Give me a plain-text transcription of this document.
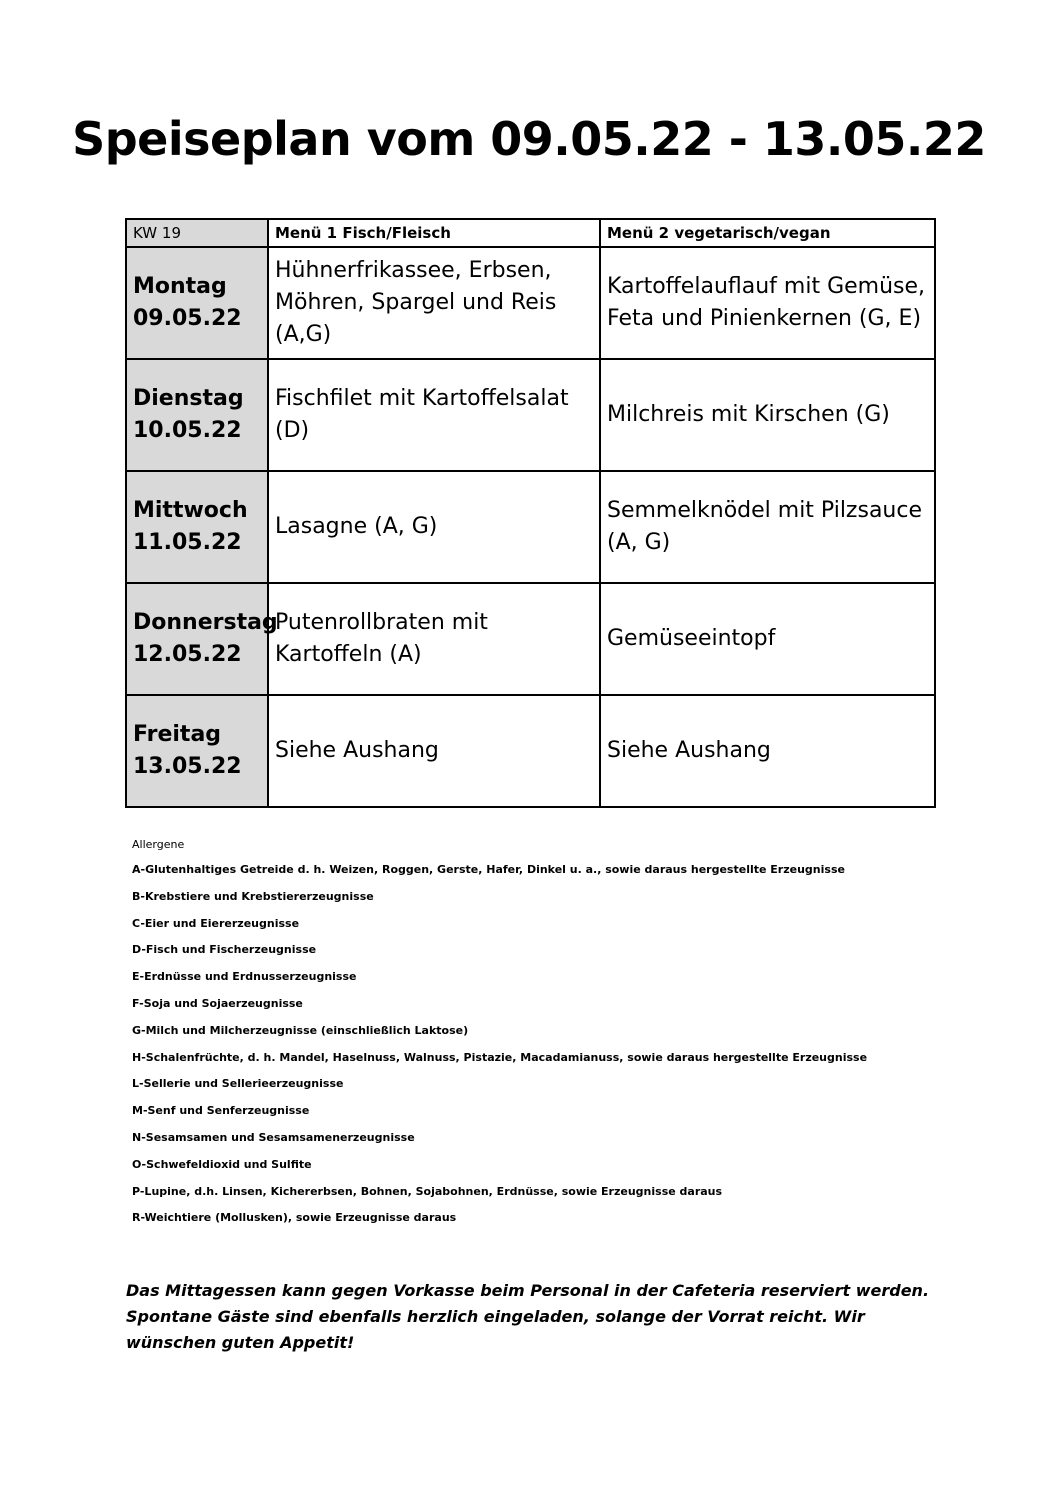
Speiseplan vom 09.05.22 - 13.05.22
KW 19	Menü 1 Fisch/Fleisch	Menü 2 vegetarisch/vegan
Montag
09.05.22	Hühnerfrikassee, Erbsen, Möhren, Spargel und Reis (A,G)	Kartoffelauflauf mit Gemüse, Feta und Pinienkernen (G, E)
Dienstag
10.05.22	Fischfilet mit Kartoffelsalat (D)	Milchreis mit Kirschen (G)
Mittwoch
11.05.22	Lasagne (A, G)	Semmelknödel mit Pilzsauce (A, G)
Donnerstag
12.05.22	Putenrollbraten mit Kartoffeln (A)	Gemüseeintopf
Freitag
13.05.22	Siehe Aushang	Siehe Aushang
Allergene
A-Glutenhaltiges Getreide d. h. Weizen, Roggen, Gerste, Hafer, Dinkel u. a., sowie daraus hergestellte Erzeugnisse
B-Krebstiere und Krebstiererzeugnisse
C-Eier und Eiererzeugnisse
D-Fisch und Fischerzeugnisse
E-Erdnüsse und Erdnusserzeugnisse
F-Soja und Sojaerzeugnisse
G-Milch und Milcherzeugnisse (einschließlich Laktose)
H-Schalenfrüchte, d. h. Mandel, Haselnuss, Walnuss, Pistazie, Macadamianuss, sowie daraus hergestellte Erzeugnisse
L-Sellerie und Sellerieerzeugnisse
M-Senf und Senferzeugnisse
N-Sesamsamen und Sesamsamenerzeugnisse
O-Schwefeldioxid und Sulfite
P-Lupine, d.h. Linsen, Kichererbsen, Bohnen, Sojabohnen, Erdnüsse, sowie Erzeugnisse daraus
R-Weichtiere (Mollusken), sowie Erzeugnisse daraus
Das Mittagessen kann gegen Vorkasse beim Personal in der Cafeteria reserviert werden. Spontane Gäste sind ebenfalls herzlich eingeladen, solange der Vorrat reicht. Wir wünschen guten Appetit!
